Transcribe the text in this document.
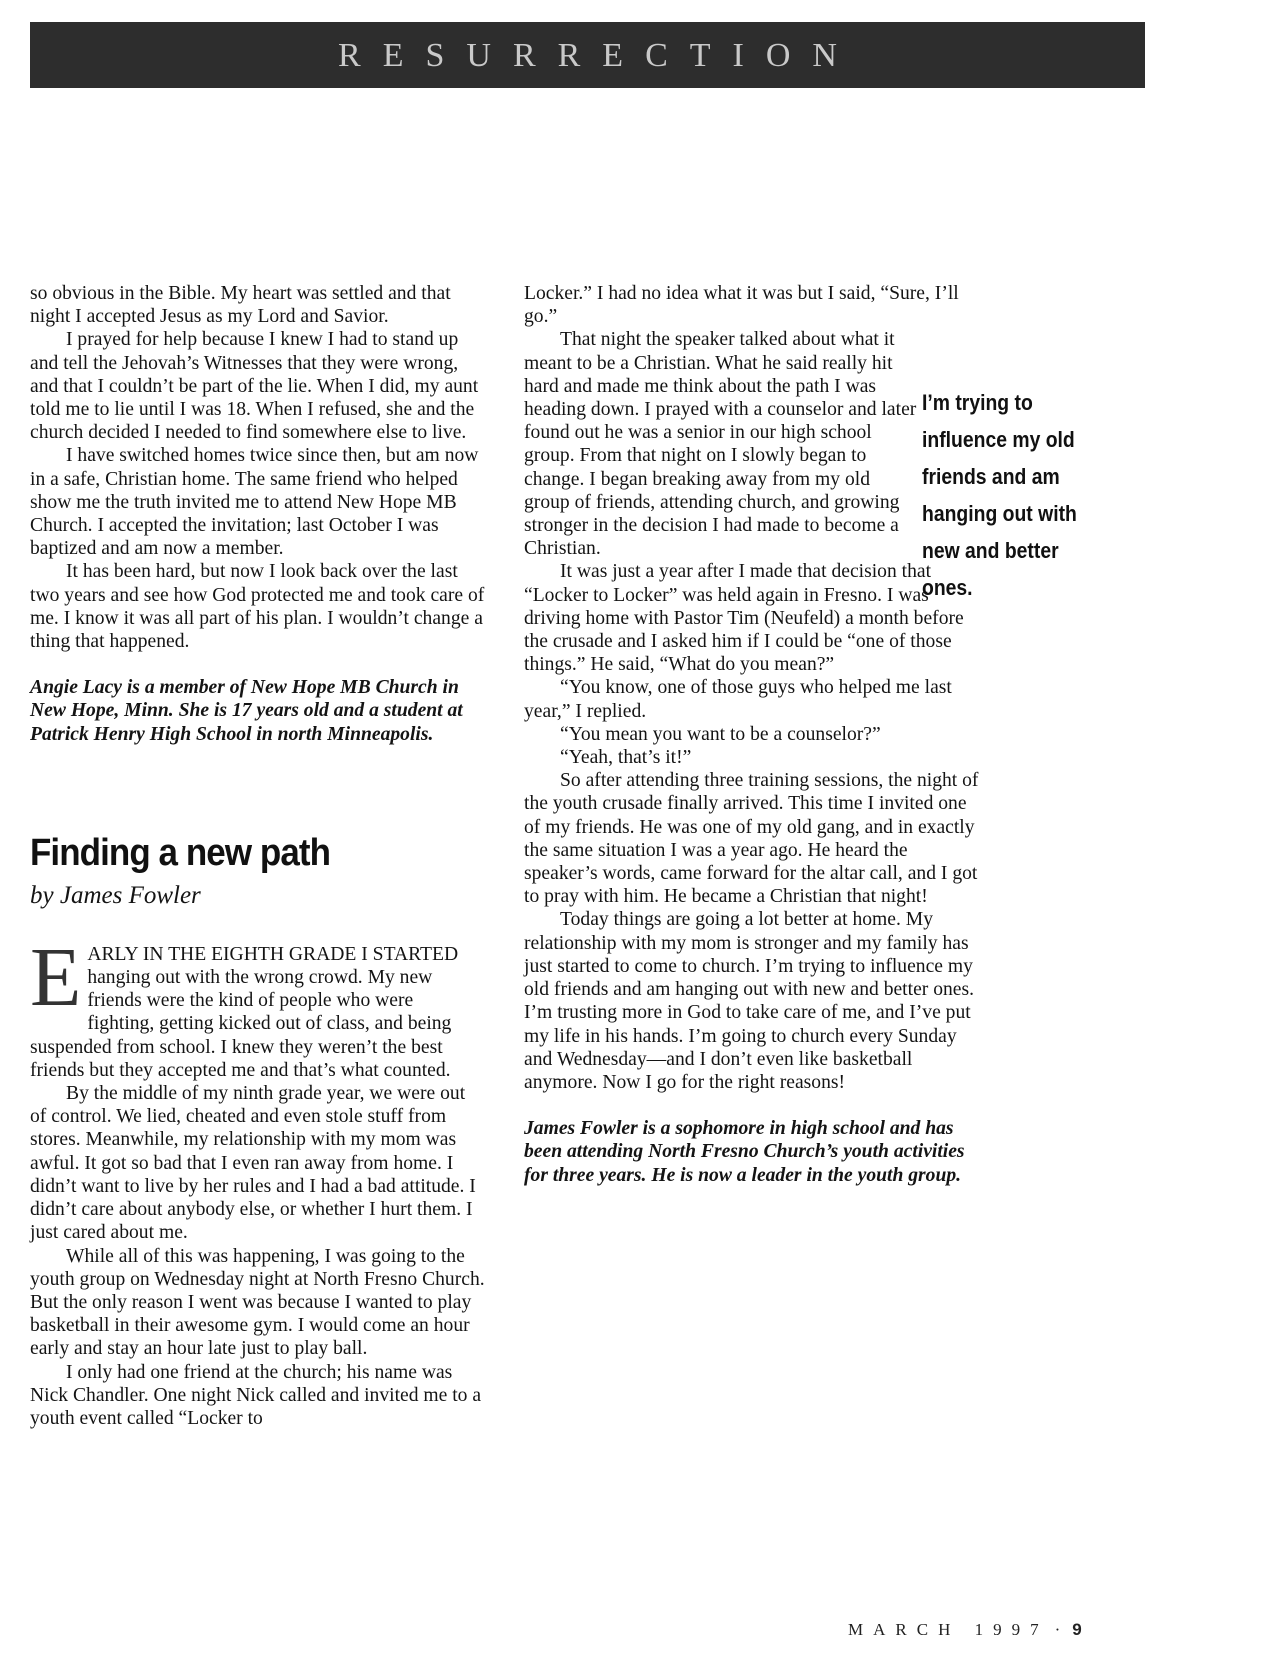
RESURRECTION

so obvious in the Bible. My heart was settled and that night I accepted Jesus as my Lord and Savior.

I prayed for help because I knew I had to stand up and tell the Jehovah’s Witnesses that they were wrong, and that I couldn’t be part of the lie. When I did, my aunt told me to lie until I was 18. When I refused, she and the church decided I needed to find somewhere else to live.

I have switched homes twice since then, but am now in a safe, Christian home. The same friend who helped show me the truth invited me to attend New Hope MB Church. I accepted the invitation; last October I was baptized and am now a member.

It has been hard, but now I look back over the last two years and see how God protected me and took care of me. I know it was all part of his plan. I wouldn’t change a thing that happened.

Angie Lacy is a member of New Hope MB Church in New Hope, Minn. She is 17 years old and a student at Patrick Henry High School in north Minneapolis.

Finding a new path
by James Fowler

EARLY IN THE EIGHTH GRADE I STARTED hanging out with the wrong crowd. My new friends were the kind of people who were fighting, getting kicked out of class, and being suspended from school. I knew they weren’t the best friends but they accepted me and that’s what counted.

By the middle of my ninth grade year, we were out of control. We lied, cheated and even stole stuff from stores. Meanwhile, my relationship with my mom was awful. It got so bad that I even ran away from home. I didn’t want to live by her rules and I had a bad attitude. I didn’t care about anybody else, or whether I hurt them. I just cared about me.

While all of this was happening, I was going to the youth group on Wednesday night at North Fresno Church. But the only reason I went was because I wanted to play basketball in their awesome gym. I would come an hour early and stay an hour late just to play ball.

I only had one friend at the church; his name was Nick Chandler. One night Nick called and invited me to a youth event called “Locker to

Locker.” I had no idea what it was but I said, “Sure, I’ll go.”

That night the speaker talked about what it meant to be a Christian. What he said really hit hard and made me think about the path I was heading down. I prayed with a counselor and later found out he was a senior in our high school group. From that night on I slowly began to change. I began breaking away from my old group of friends, attending church, and growing stronger in the decision I had made to become a Christian.

It was just a year after I made that decision that “Locker to Locker” was held again in Fresno. I was driving home with Pastor Tim (Neufeld) a month before the crusade and I asked him if I could be “one of those things.” He said, “What do you mean?”

“You know, one of those guys who helped me last year,” I replied.

“You mean you want to be a counselor?”

“Yeah, that’s it!”

So after attending three training sessions, the night of the youth crusade finally arrived. This time I invited one of my friends. He was one of my old gang, and in exactly the same situation I was a year ago. He heard the speaker’s words, came forward for the altar call, and I got to pray with him. He became a Christian that night!

Today things are going a lot better at home. My relationship with my mom is stronger and my family has just started to come to church. I’m trying to influence my old friends and am hanging out with new and better ones. I’m trusting more in God to take care of me, and I’ve put my life in his hands. I’m going to church every Sunday and Wednesday—and I don’t even like basketball anymore. Now I go for the right reasons!

James Fowler is a sophomore in high school and has been attending North Fresno Church’s youth activities for three years. He is now a leader in the youth group.

I’m trying to
influence my old
friends and am
hanging out with
new and better
ones.
MARCH 1997 · 9
